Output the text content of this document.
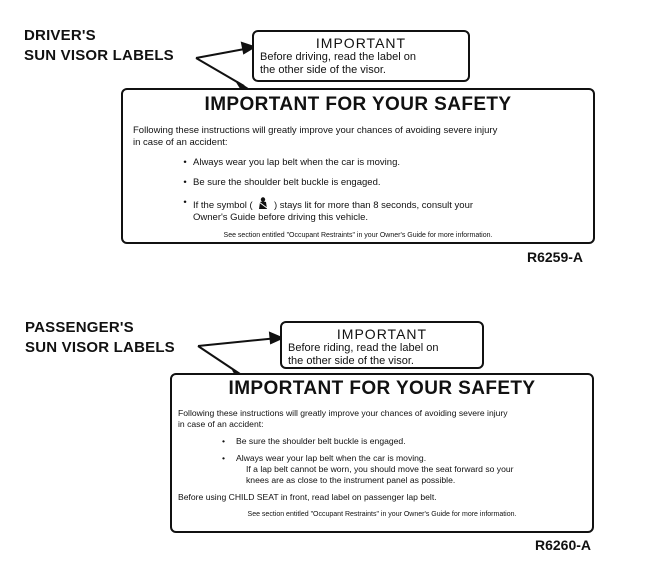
DRIVER'S
SUN VISOR LABELS
IMPORTANT
Before driving, read the label on
the other side of the visor.
IMPORTANT FOR YOUR SAFETY
Following these instructions will greatly improve your chances of avoiding severe injury
in case of an accident:
• Always wear you lap belt when the car is moving.
• Be sure the shoulder belt buckle is engaged.
• If the symbol ( ) stays lit for more than 8 seconds, consult your
Owner's Guide before driving this vehicle.
See section entitled "Occupant Restraints" in your Owner's Guide for more information.
R6259-A
PASSENGER'S
SUN VISOR LABELS
IMPORTANT
Before riding, read the label on
the other side of the visor.
IMPORTANT FOR YOUR SAFETY
Following these instructions will greatly improve your chances of avoiding severe injury
in case of an accident:
•	Be sure the shoulder belt buckle is engaged.
•	Always wear your lap belt when the car is moving.
If a lap belt cannot be worn, you should move the seat forward so your
knees are as close to the instrument panel as possible.
Before using CHILD SEAT in front, read label on passenger lap belt.
See section entitled "Occupant Restraints" in your Owner's Guide for more information.
R6260-A
